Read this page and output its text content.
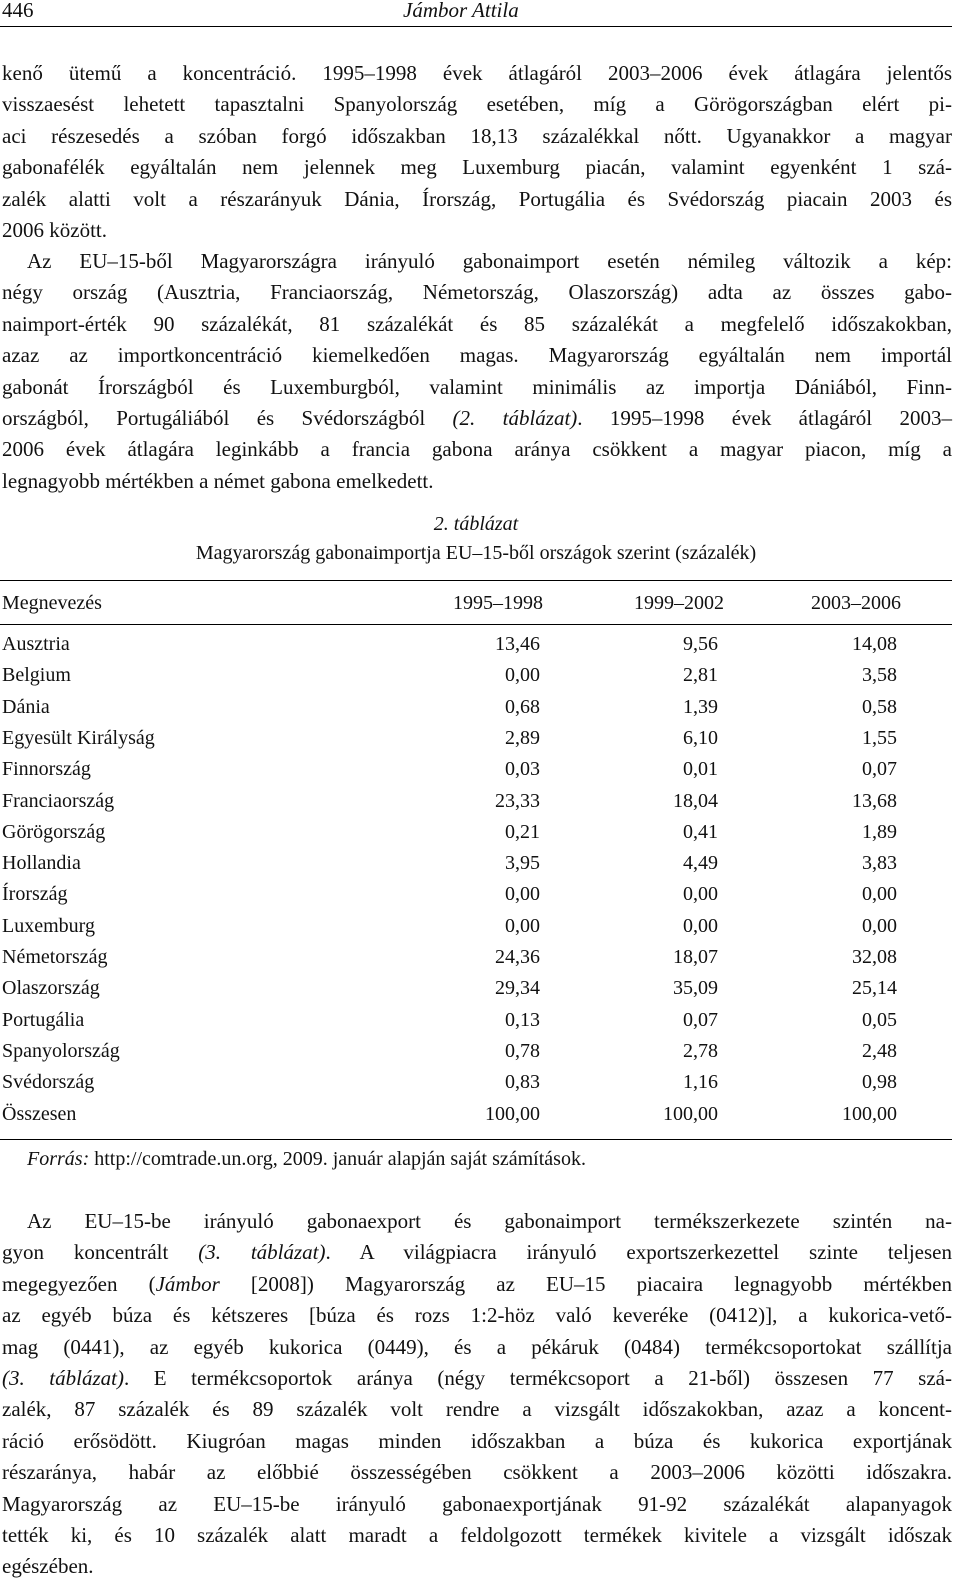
446	Jámbor Attila
kenő ütemű a koncentráció. 1995–1998 évek átlagáról 2003–2006 évek átlagára jelentős
visszaesést lehetett tapasztalni Spanyolország esetében, míg a Görögországban elért pi-
aci részesedés a szóban forgó időszakban 18,13 százalékkal nőtt. Ugyanakkor a magyar
gabonafélék egyáltalán nem jelennek meg Luxemburg piacán, valamint egyenként 1 szá-
zalék alatti volt a részarányuk Dánia, Írország, Portugália és Svédország piacain 2003 és
2006 között.
Az EU–15-ből Magyarországra irányuló gabonaimport esetén némileg változik a kép:
négy ország (Ausztria, Franciaország, Németország, Olaszország) adta az összes gabo-
naimport-érték 90 százalékát, 81 százalékát és 85 százalékát a megfelelő időszakokban,
azaz az importkoncentráció kiemelkedően magas. Magyarország egyáltalán nem importál
gabonát Írországból és Luxemburgból, valamint minimális az importja Dániából, Finn-
országból, Portugáliából és Svédországból (2. táblázat). 1995–1998 évek átlagáról 2003–
2006 évek átlagára leginkább a francia gabona aránya csökkent a magyar piacon, míg a
legnagyobb mértékben a német gabona emelkedett.
2. táblázat
Magyarország gabonaimportja EU–15-ből országok szerint (százalék)
Megnevezés	1995–1998	1999–2002	2003–2006
Ausztria	13,46	9,56	14,08
Belgium	0,00	2,81	3,58
Dánia	0,68	1,39	0,58
Egyesült Királyság	2,89	6,10	1,55
Finnország	0,03	0,01	0,07
Franciaország	23,33	18,04	13,68
Görögország	0,21	0,41	1,89
Hollandia	3,95	4,49	3,83
Írország	0,00	0,00	0,00
Luxemburg	0,00	0,00	0,00
Németország	24,36	18,07	32,08
Olaszország	29,34	35,09	25,14
Portugália	0,13	0,07	0,05
Spanyolország	0,78	2,78	2,48
Svédország	0,83	1,16	0,98
Összesen	100,00	100,00	100,00
Forrás: http://comtrade.un.org, 2009. január alapján saját számítások.
Az EU–15-be irányuló gabonaexport és gabonaimport termékszerkezete szintén na-
gyon koncentrált (3. táblázat). A világpiacra irányuló exportszerkezettel szinte teljesen
megegyezően (Jámbor [2008]) Magyarország az EU–15 piacaira legnagyobb mértékben
az egyéb búza és kétszeres [búza és rozs 1:2-höz való keveréke (0412)], a kukorica-vető-
mag (0441), az egyéb kukorica (0449), és a pékáruk (0484) termékcsoportokat szállítja
(3. táblázat). E termékcsoportok aránya (négy termékcsoport a 21-ből) összesen 77 szá-
zalék, 87 százalék és 89 százalék volt rendre a vizsgált időszakokban, azaz a koncent-
ráció erősödött. Kiugróan magas minden időszakban a búza és kukorica exportjának
részaránya, habár az előbbié összességében csökkent a 2003–2006 közötti időszakra.
Magyarország az EU–15-be irányuló gabonaexportjának 91-92 százalékát alapanyagok
tették ki, és 10 százalék alatt maradt a feldolgozott termékek kivitele a vizsgált időszak
egészében.
